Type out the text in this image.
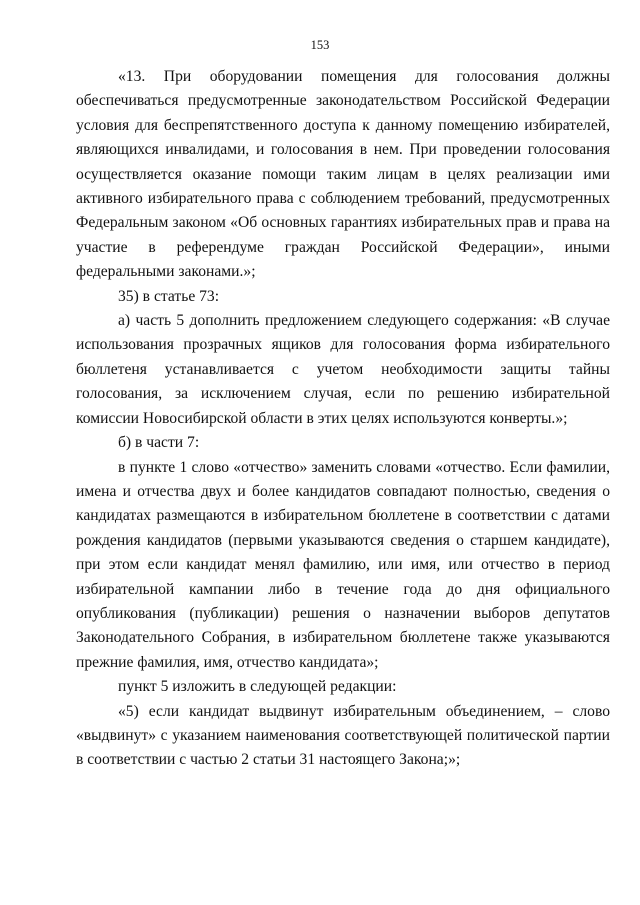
153

«13. При оборудовании помещения для голосования должны обеспечиваться предусмотренные законодательством Российской Федерации условия для беспрепятственного доступа к данному помещению избирателей, являющихся инвалидами, и голосования в нем. При проведении голосования осуществляется оказание помощи таким лицам в целях реализации ими активного избирательного права с соблюдением требований, предусмотренных Федеральным законом «Об основных гарантиях избирательных прав и права на участие в референдуме граждан Российской Федерации», иными федеральными законами.»;

35) в статье 73:

а) часть 5 дополнить предложением следующего содержания: «В случае использования прозрачных ящиков для голосования форма избирательного бюллетеня устанавливается с учетом необходимости защиты тайны голосования, за исключением случая, если по решению избирательной комиссии Новосибирской области в этих целях используются конверты.»;

б) в части 7:

в пункте 1 слово «отчество» заменить словами «отчество. Если фамилии, имена и отчества двух и более кандидатов совпадают полностью, сведения о кандидатах размещаются в избирательном бюллетене в соответствии с датами рождения кандидатов (первыми указываются сведения о старшем кандидате), при этом если кандидат менял фамилию, или имя, или отчество в период избирательной кампании либо в течение года до дня официального опубликования (публикации) решения о назначении выборов депутатов Законодательного Собрания, в избирательном бюллетене также указываются прежние фамилия, имя, отчество кандидата»;

пункт 5 изложить в следующей редакции:

«5) если кандидат выдвинут избирательным объединением, – слово «выдвинут» с указанием наименования соответствующей политической партии в соответствии с частью 2 статьи 31 настоящего Закона;»;
